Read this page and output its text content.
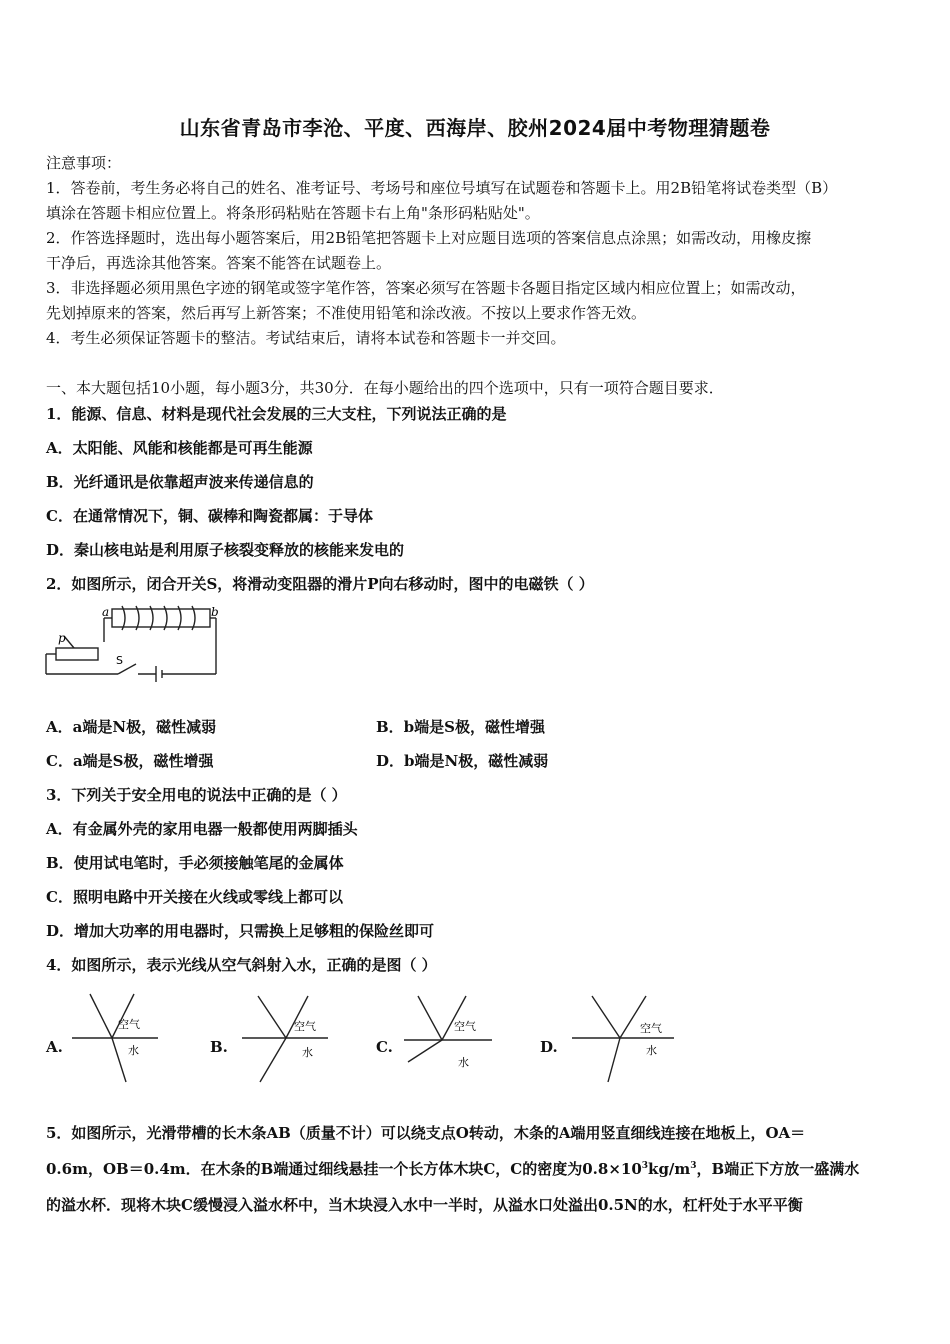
山东省青岛市李沧、平度、西海岸、胶州2024届中考物理猜题卷
注意事项：
1．答卷前，考生务必将自己的姓名、准考证号、考场号和座位号填写在试题卷和答题卡上。用2B铅笔将试卷类型（B）
填涂在答题卡相应位置上。将条形码粘贴在答题卡右上角"条形码粘贴处"。
2．作答选择题时，选出每小题答案后，用2B铅笔把答题卡上对应题目选项的答案信息点涂黑；如需改动，用橡皮擦
干净后，再选涂其他答案。答案不能答在试题卷上。
3．非选择题必须用黑色字迹的钢笔或签字笔作答，答案必须写在答题卡各题目指定区域内相应位置上；如需改动，
先划掉原来的答案，然后再写上新答案；不准使用铅笔和涂改液。不按以上要求作答无效。
4．考生必须保证答题卡的整洁。考试结束后，请将本试卷和答题卡一并交回。
一、本大题包括10小题，每小题3分，共30分．在每小题给出的四个选项中，只有一项符合题目要求．
1．能源、信息、材料是现代社会发展的三大支柱，下列说法正确的是
A．太阳能、风能和核能都是可再生能源
B．光纤通讯是依靠超声波来传递信息的
C．在通常情况下，铜、碳棒和陶瓷都属：于导体
D．秦山核电站是利用原子核裂变释放的核能来发电的
2．如图所示，闭合开关S，将滑动变阻器的滑片P向右移动时，图中的电磁铁（ ）
a	b
p
S
A．a端是N极，磁性减弱	B．b端是S极，磁性增强
C．a端是S极，磁性增强	D．b端是N极，磁性减弱
3．下列关于安全用电的说法中正确的是（ ）
A．有金属外壳的家用电器一般都使用两脚插头
B．使用试电笔时，手必须接触笔尾的金属体
C．照明电路中开关接在火线或零线上都可以
D．增加大功率的用电器时，只需换上足够粗的保险丝即可
4．如图所示，表示光线从空气斜射入水，正确的是图（ ）
A.
空气
水	B.
空气
水	C.
空气
水
D.
空气
水
5．如图所示，光滑带槽的长木条AB（质量不计）可以绕支点O转动，木条的A端用竖直细线连接在地板上，OA＝
0.6m，OB＝0.4m．在木条的B端通过细线悬挂一个长方体木块C，C的密度为$0.8\times 10^3kg/m^3$，B端正下方放一盛满水
的溢水杯．现将木块C缓慢浸入溢水杯中，当木块浸入水中一半时，从溢水口处溢出0.5N的水，杠杆处于水平平衡
